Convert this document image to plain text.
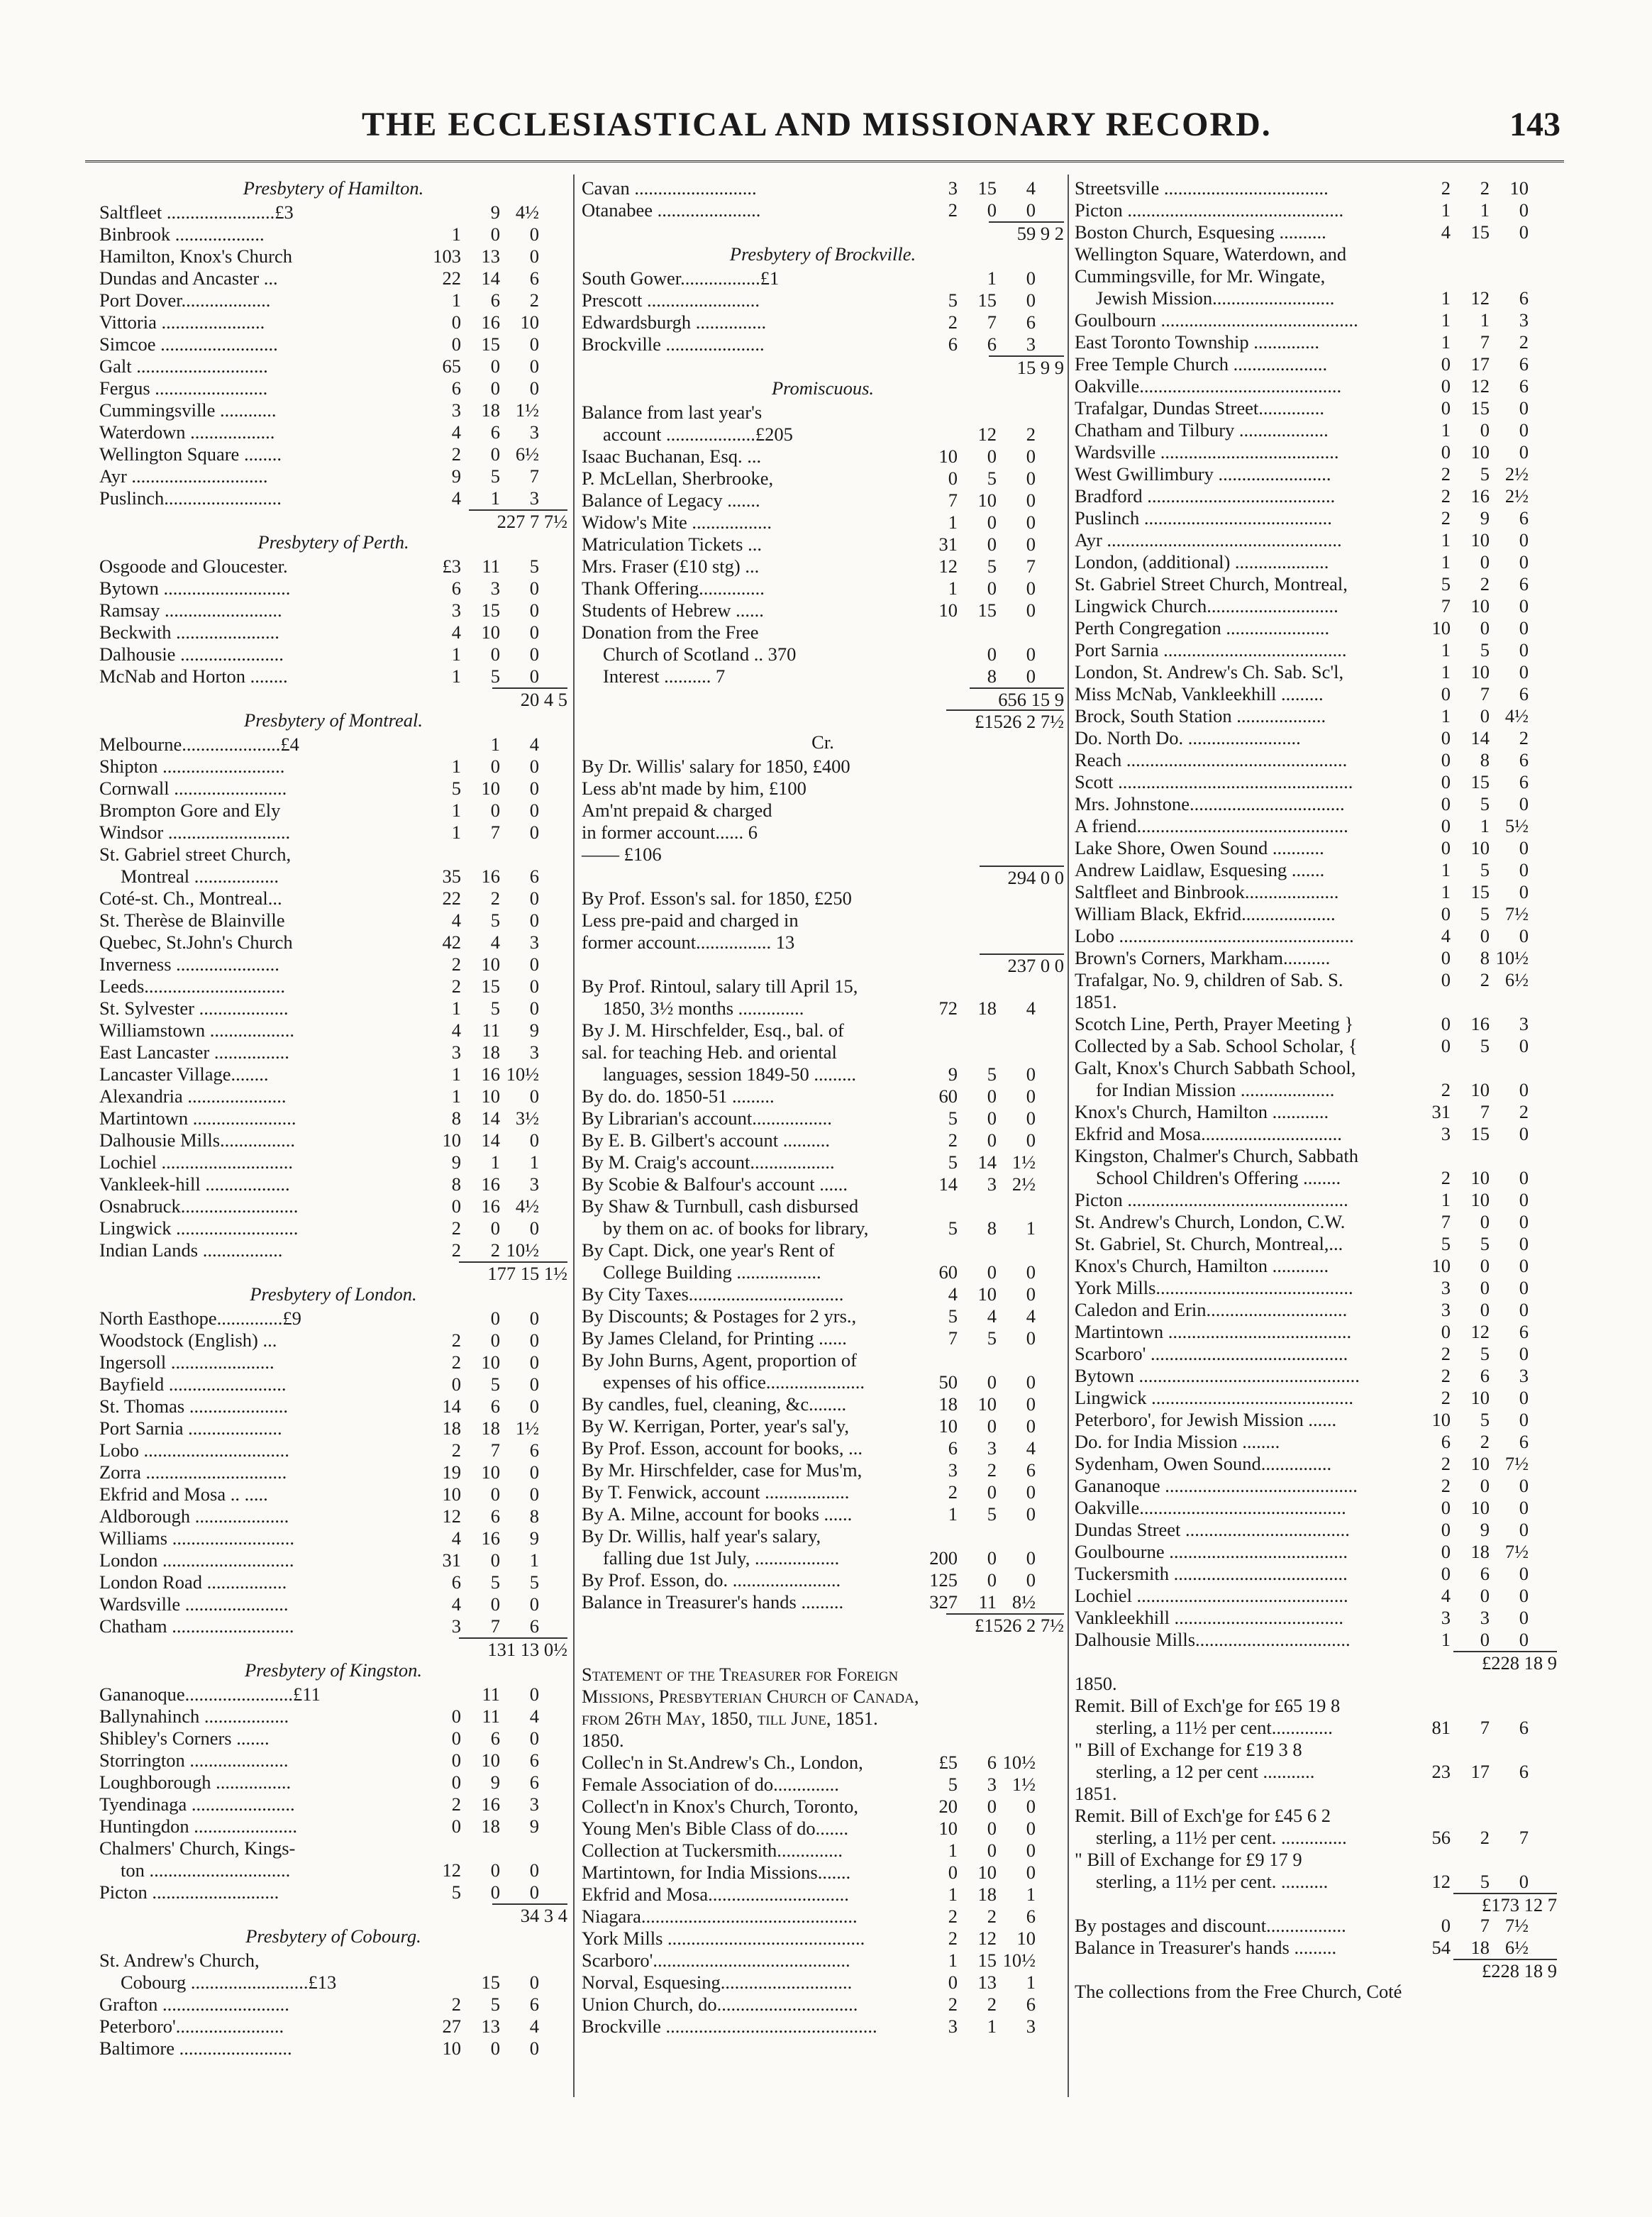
THE ECCLESIASTICAL AND MISSIONARY RECORD.	143
Presbytery of Hamilton.
Saltfleet .......................£3	9 4½
Binbrook ...................	1 0 0
Hamilton, Knox's Church	103 13 0
Dundas and Ancaster ...	22 14 6
Port Dover...................	1 6 2
Vittoria ......................	0 16 10
Simcoe .........................	0 15 0
Galt ............................	65 0 0
Fergus ........................	6 0 0
Cummingsville ............	3 18 1½
Waterdown ..................	4 6 3
Wellington Square ........	2 0 6½
Ayr .............................	9 5 7
Puslinch.........................	4 1 3
227 7 7½
Presbytery of Perth.
Osgoode and Gloucester.	£3 11 5
Bytown ...........................	6 3 0
Ramsay .........................	3 15 0
Beckwith ......................	4 10 0
Dalhousie ......................	1 0 0
McNab and Horton ........	1 5 0
20 4 5
Presbytery of Montreal.
Melbourne.....................£4	1 4
Shipton ..........................	1 0 0
Cornwall ........................	5 10 0
Brompton Gore and Ely	1 0 0
Windsor ..........................	1 7 0
St. Gabriel street Church,
Montreal ..................	35 16 6
Coté-st. Ch., Montreal...	22 2 0
St. Therèse de Blainville	4 5 0
Quebec, St.John's Church	42 4 3
Inverness ......................	2 10 0
Leeds..............................	2 15 0
St. Sylvester ...................	1 5 0
Williamstown ..................	4 11 9
East Lancaster ................	3 18 3
Lancaster Village........	1 16 10½
Alexandria .....................	1 10 0
Martintown ......................	8 14 3½
Dalhousie Mills................	10 14 0
Lochiel ............................	9 1 1
Vankleek-hill ..................	8 16 3
Osnabruck.........................	0 16 4½
Lingwick ..........................	2 0 0
Indian Lands .................	2 2 10½
177 15 1½
Presbytery of London.
North Easthope..............£9	0 0
Woodstock (English) ...	2 0 0
Ingersoll ......................	2 10 0
Bayfield .........................	0 5 0
St. Thomas .....................	14 6 0
Port Sarnia ....................	18 18 1½
Lobo ...............................	2 7 6
Zorra ..............................	19 10 0
Ekfrid and Mosa .. .....	10 0 0
Aldborough ....................	12 6 8
Williams ..........................	4 16 9
London ............................	31 0 1
London Road .................	6 5 5
Wardsville ......................	4 0 0
Chatham ..........................	3 7 6
131 13 0½
Presbytery of Kingston.
Gananoque.......................£11	11 0
Ballynahinch ..................	0 11 4
Shibley's Corners .......	0 6 0
Storrington .....................	0 10 6
Loughborough ................	0 9 6
Tyendinaga ......................	2 16 3
Huntingdon ......................	0 18 9
Chalmers' Church, Kings-
ton ..............................	12 0 0
Picton ...........................	5 0 0
34 3 4
Presbytery of Cobourg.
St. Andrew's Church,
Cobourg .........................£13	15 0
Grafton ...........................	2 5 6
Peterboro'.......................	27 13 4
Baltimore ........................	10 0 0
Cavan ..........................	3 15 4
Otanabee ......................	2 0 0
59 9 2
Presbytery of Brockville.
South Gower.................£1	1 0
Prescott ........................	5 15 0
Edwardsburgh ...............	2 7 6
Brockville .....................	6 6 3
15 9 9
Promiscuous.
Balance from last year's
account ...................£205	12 2
Isaac Buchanan, Esq. ...	10 0 0
P. McLellan, Sherbrooke,	0 5 0
Balance of Legacy .......	7 10 0
Widow's Mite .................	1 0 0
Matriculation Tickets ...	31 0 0
Mrs. Fraser (£10 stg) ...	12 5 7
Thank Offering..............	1 0 0
Students of Hebrew ......	10 15 0
Donation from the Free
Church of Scotland .. 370	0 0
Interest .......... 7	8 0
656 15 9
£1526 2 7½
Cr.
By Dr. Willis' salary for 1850, £400
Less ab'nt made by him, £100
Am'nt prepaid & charged
in former account...... 6
—— £106
294 0 0
By Prof. Esson's sal. for 1850, £250
Less pre-paid and charged in
former account................ 13
237 0 0
By Prof. Rintoul, salary till April 15,
1850, 3½ months ..............	72 18 4
By J. M. Hirschfelder, Esq., bal. of
sal. for teaching Heb. and oriental
languages, session 1849-50 .........	9 5 0
By do. do. 1850-51 .........	60 0 0
By Librarian's account.................	5 0 0
By E. B. Gilbert's account ..........	2 0 0
By M. Craig's account..................	5 14 1½
By Scobie & Balfour's account ......	14 3 2½
By Shaw & Turnbull, cash disbursed
by them on ac. of books for library,	5 8 1
By Capt. Dick, one year's Rent of
College Building ..................	60 0 0
By City Taxes.................................	4 10 0
By Discounts; & Postages for 2 yrs.,	5 4 4
By James Cleland, for Printing ......	7 5 0
By John Burns, Agent, proportion of
expenses of his office.....................	50 0 0
By candles, fuel, cleaning, &c........	18 10 0
By W. Kerrigan, Porter, year's sal'y,	10 0 0
By Prof. Esson, account for books, ...	6 3 4
By Mr. Hirschfelder, case for Mus'm,	3 2 6
By T. Fenwick, account ..................	2 0 0
By A. Milne, account for books ......	1 5 0
By Dr. Willis, half year's salary,
falling due 1st July, ..................	200 0 0
By Prof. Esson, do. .......................	125 0 0
Balance in Treasurer's hands .........	327 11 8½
£1526 2 7½
Statement of the Treasurer for Foreign
Missions, Presbyterian Church of Canada,
from 26th May, 1850, till June, 1851.
1850.
Collec'n in St.Andrew's Ch., London,	£5 6 10½
Female Association of do..............	5 3 1½
Collect'n in Knox's Church, Toronto,	20 0 0
Young Men's Bible Class of do.......	10 0 0
Collection at Tuckersmith..............	1 0 0
Martintown, for India Missions.......	0 10 0
Ekfrid and Mosa..............................	1 18 1
Niagara..............................................	2 2 6
York Mills ..........................................	2 12 10
Scarboro'..........................................	1 15 10½
Norval, Esquesing............................	0 13 1
Union Church, do..............................	2 2 6
Brockville .............................................	3 1 3
Streetsville ...................................	2 2 10
Picton ..............................................	1 1 0
Boston Church, Esquesing ..........	4 15 0
Wellington Square, Waterdown, and
Cummingsville, for Mr. Wingate,
Jewish Mission..........................	1 12 6
Goulbourn ..........................................	1 1 3
East Toronto Township ..............	1 7 2
Free Temple Church ....................	0 17 6
Oakville...........................................	0 12 6
Trafalgar, Dundas Street..............	0 15 0
Chatham and Tilbury ...................	1 0 0
Wardsville ......................................	0 10 0
West Gwillimbury ........................	2 5 2½
Bradford ........................................	2 16 2½
Puslinch ........................................	2 9 6
Ayr ..................................................	1 10 0
London, (additional) ....................	1 0 0
St. Gabriel Street Church, Montreal,	5 2 6
Lingwick Church............................	7 10 0
Perth Congregation ......................	10 0 0
Port Sarnia .......................................	1 5 0
London, St. Andrew's Ch. Sab. Sc'l,	1 10 0
Miss McNab, Vankleekhill .........	0 7 6
Brock, South Station ...................	1 0 4½
Do. North Do. ........................	0 14 2
Reach ...............................................	0 8 6
Scott ..................................................	0 15 6
Mrs. Johnstone.................................	0 5 0
A friend.............................................	0 1 5½
Lake Shore, Owen Sound ...........	0 10 0
Andrew Laidlaw, Esquesing .......	1 5 0
Saltfleet and Binbrook....................	1 15 0
William Black, Ekfrid....................	0 5 7½
Lobo ..................................................	4 0 0
Brown's Corners, Markham..........	0 8 10½
Trafalgar, No. 9, children of Sab. S.	0 2 6½
1851.
Scotch Line, Perth, Prayer Meeting }	0 16 3
Collected by a Sab. School Scholar, {	0 5 0
Galt, Knox's Church Sabbath School,
for Indian Mission ....................	2 10 0
Knox's Church, Hamilton ............	31 7 2
Ekfrid and Mosa..............................	3 15 0
Kingston, Chalmer's Church, Sabbath
School Children's Offering ........	2 10 0
Picton ...............................................	1 10 0
St. Andrew's Church, London, C.W.	7 0 0
St. Gabriel, St. Church, Montreal,...	5 5 0
Knox's Church, Hamilton ............	10 0 0
York Mills..........................................	3 0 0
Caledon and Erin..............................	3 0 0
Martintown .......................................	0 12 6
Scarboro' ..........................................	2 5 0
Bytown ...............................................	2 6 3
Lingwick ...........................................	2 10 0
Peterboro', for Jewish Mission ......	10 5 0
Do. for India Mission ........	6 2 6
Sydenham, Owen Sound...............	2 10 7½
Gananoque .........................................	2 0 0
Oakville............................................	0 10 0
Dundas Street ...................................	0 9 0
Goulbourne ......................................	0 18 7½
Tuckersmith .....................................	0 6 0
Lochiel .............................................	4 0 0
Vankleekhill ....................................	3 3 0
Dalhousie Mills.................................	1 0 0
£228 18 9
1850.
Remit. Bill of Exch'ge for £65 19 8
sterling, a 11½ per cent.............	81 7 6
" Bill of Exchange for £19 3 8
sterling, a 12 per cent ...........	23 17 6
1851.
Remit. Bill of Exch'ge for £45 6 2
sterling, a 11½ per cent. ..............	56 2 7
" Bill of Exchange for £9 17 9
sterling, a 11½ per cent. ..........	12 5 0
£173 12 7
By postages and discount.................	0 7 7½
Balance in Treasurer's hands .........	54 18 6½
£228 18 9
The collections from the Free Church, Coté
